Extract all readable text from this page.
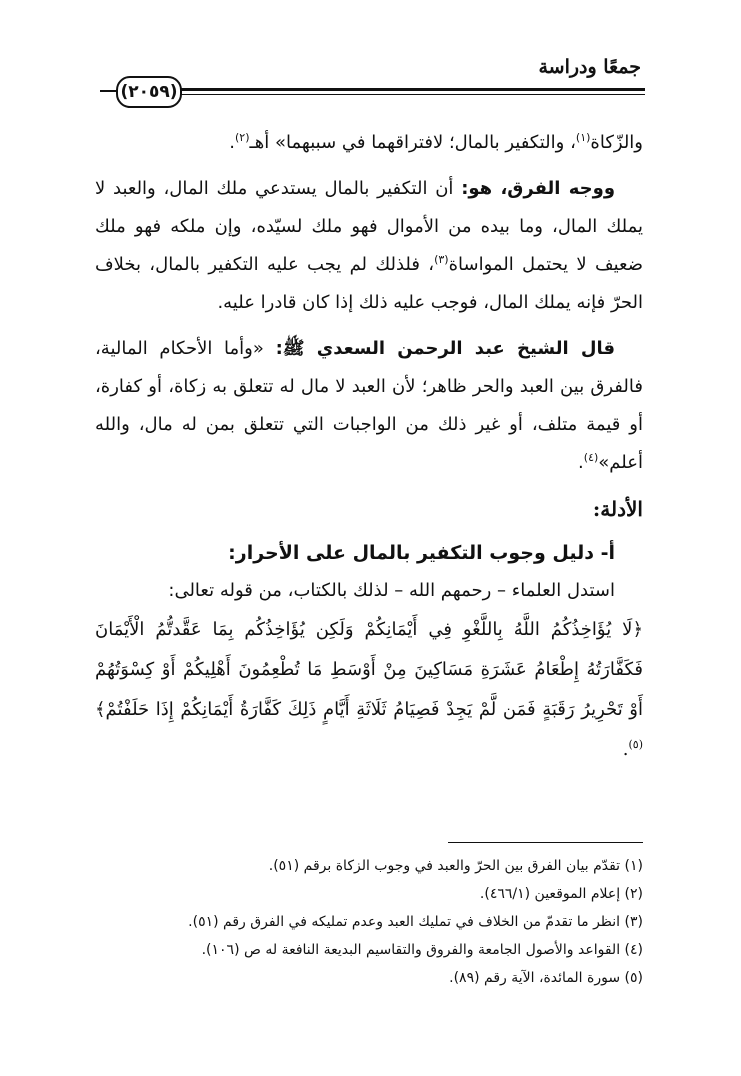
جمعًا ودراسة
(٢٠٥٩)

والزّكاة$^{(١)}$، والتكفير بالمال؛ لافتراقهما في سببهما» أهـ$^{(٢)}$.

ووجه الفرق، هو: أن التكفير بالمال يستدعي ملك المال، والعبد لا يملك المال، وما بيده من الأموال فهو ملك لسيّده، وإن ملكه فهو ملك ضعيف لا يحتمل المواساة$^{(٣)}$، فلذلك لم يجب عليه التكفير بالمال، بخلاف الحرّ فإنه يملك المال، فوجب عليه ذلك إذا كان قادرا عليه.

قال الشيخ عبد الرحمن السعدي ﷺ: «وأما الأحكام المالية، فالفرق بين العبد والحر ظاهر؛ لأن العبد لا مال له تتعلق به زكاة، أو كفارة، أو قيمة متلف، أو غير ذلك من الواجبات التي تتعلق بمن له مال، والله أعلم»$^{(٤)}$.

الأدلة:

أ- دليل وجوب التكفير بالمال على الأحرار:

استدل العلماء – رحمهم الله – لذلك بالكتاب، من قوله تعالى:

﴿لَا يُؤَاخِذُكُمُ اللَّهُ بِاللَّغْوِ فِي أَيْمَانِكُمْ وَلَكِن يُؤَاخِذُكُم بِمَا عَقَّدتُّمُ الْأَيْمَانَ فَكَفَّارَتُهُ إِطْعَامُ عَشَرَةِ مَسَاكِينَ مِنْ أَوْسَطِ مَا تُطْعِمُونَ أَهْلِيكُمْ أَوْ كِسْوَتُهُمْ أَوْ تَحْرِيرُ رَقَبَةٍ فَمَن لَّمْ يَجِدْ فَصِيَامُ ثَلَاثَةِ أَيَّامٍ ذَلِكَ كَفَّارَةُ أَيْمَانِكُمْ إِذَا حَلَفْتُمْ﴾$^{(٥)}$.

(١) تقدّم بيان الفرق بين الحرّ والعبد في وجوب الزكاة برقم (٥١).

(٢) إعلام الموقعين (٤٦٦/١).

(٣) انظر ما تقدمّ من الخلاف في تمليك العبد وعدم تمليكه في الفرق رقم (٥١).

(٤) القواعد والأصول الجامعة والفروق والتقاسيم البديعة النافعة له ص (١٠٦).

(٥) سورة المائدة، الآية رقم (٨٩).
